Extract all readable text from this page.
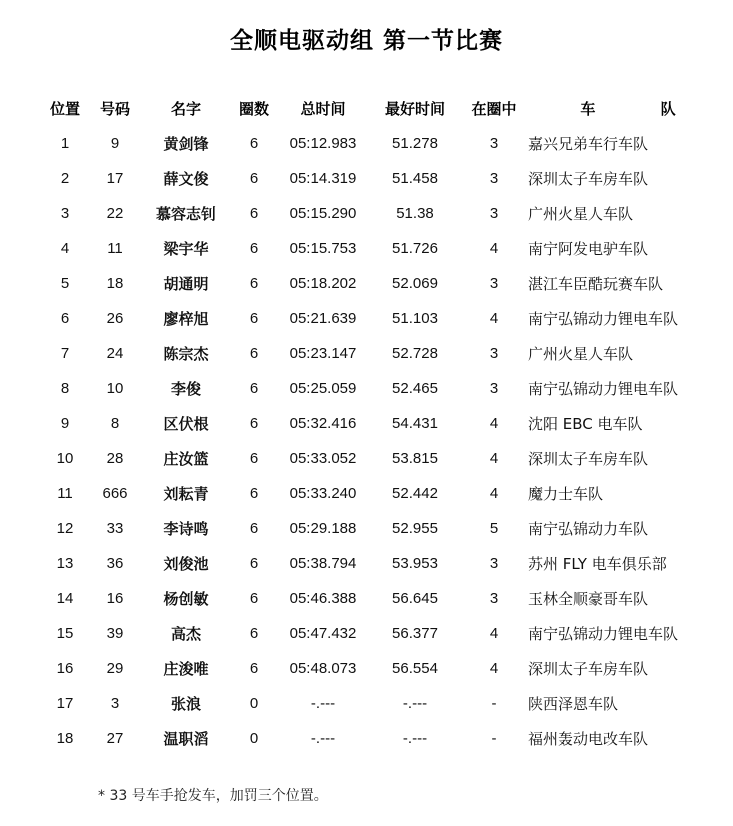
全顺电驱动组 第一节比赛
位置	号码	名字	圈数	总时间	最好时间	在圈中	车 队
1	9	黄剑锋	6	05:12.983	51.278	3	嘉兴兄弟车行车队
2	17	薛文俊	6	05:14.319	51.458	3	深圳太子车房车队
3	22	慕容志钊	6	05:15.290	51.38	3	广州火星人车队
4	11	梁宇华	6	05:15.753	51.726	4	南宁阿发电驴车队
5	18	胡通明	6	05:18.202	52.069	3	湛江车臣酷玩赛车队
6	26	廖梓旭	6	05:21.639	51.103	4	南宁弘锦动力锂电车队
7	24	陈宗杰	6	05:23.147	52.728	3	广州火星人车队
8	10	李俊	6	05:25.059	52.465	3	南宁弘锦动力锂电车队
9	8	区伏根	6	05:32.416	54.431	4	沈阳 EBC 电车队
10	28	庄汝篮	6	05:33.052	53.815	4	深圳太子车房车队
11	666	刘耘青	6	05:33.240	52.442	4	魔力士车队
12	33	李诗鸣	6	05:29.188	52.955	5	南宁弘锦动力车队
13	36	刘俊池	6	05:38.794	53.953	3	苏州 FLY 电车俱乐部
14	16	杨创敏	6	05:46.388	56.645	3	玉林全顺豪哥车队
15	39	高杰	6	05:47.432	56.377	4	南宁弘锦动力锂电车队
16	29	庄浚唯	6	05:48.073	56.554	4	深圳太子车房车队
17	3	张浪	0	-.---	-.---	-	陕西泽恩车队
18	27	温职滔	0	-.---	-.---	-	福州轰动电改车队
* 33 号车手抢发车，加罚三个位置。
